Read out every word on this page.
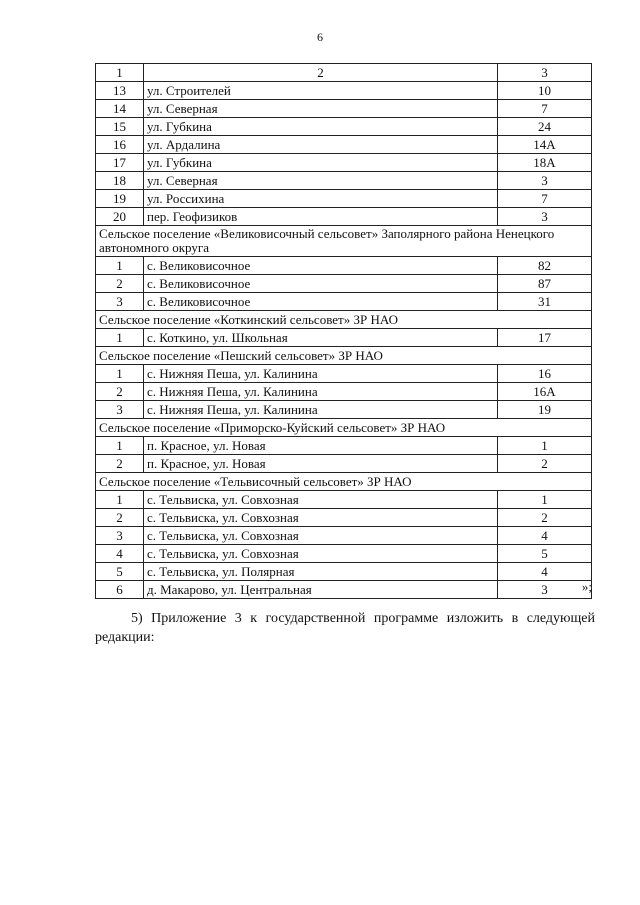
6
1	2	3
13	ул. Строителей	10
14	ул. Северная	7
15	ул. Губкина	24
16	ул. Ардалина	14А
17	ул. Губкина	18А
18	ул. Северная	3
19	ул. Россихина	7
20	пер. Геофизиков	3
Сельское поселение «Великовисочный сельсовет» Заполярного района Ненецкого автономного округа		
1	с. Великовисочное	82
2	с. Великовисочное	87
3	с. Великовисочное	31
Сельское поселение «Коткинский сельсовет» ЗР НАО		
1	с. Коткино, ул. Школьная	17
Сельское поселение «Пешский сельсовет» ЗР НАО		
1	с. Нижняя Пеша, ул. Калинина	16
2	с. Нижняя Пеша, ул. Калинина	16А
3	с. Нижняя Пеша, ул. Калинина	19
Сельское поселение «Приморско-Куйский сельсовет» ЗР НАО		
1	п. Красное, ул. Новая	1
2	п. Красное, ул. Новая	2
Сельское поселение «Тельвисочный сельсовет» ЗР НАО		
1	с. Тельвиска, ул. Совхозная	1
2	с. Тельвиска, ул. Совхозная	2
3	с. Тельвиска, ул. Совхозная	4
4	с. Тельвиска, ул. Совхозная	5
5	с. Тельвиска, ул. Полярная	4
6	д. Макарово, ул. Центральная	3	»;

5) Приложение 3 к государственной программе изложить в следующей редакции:
